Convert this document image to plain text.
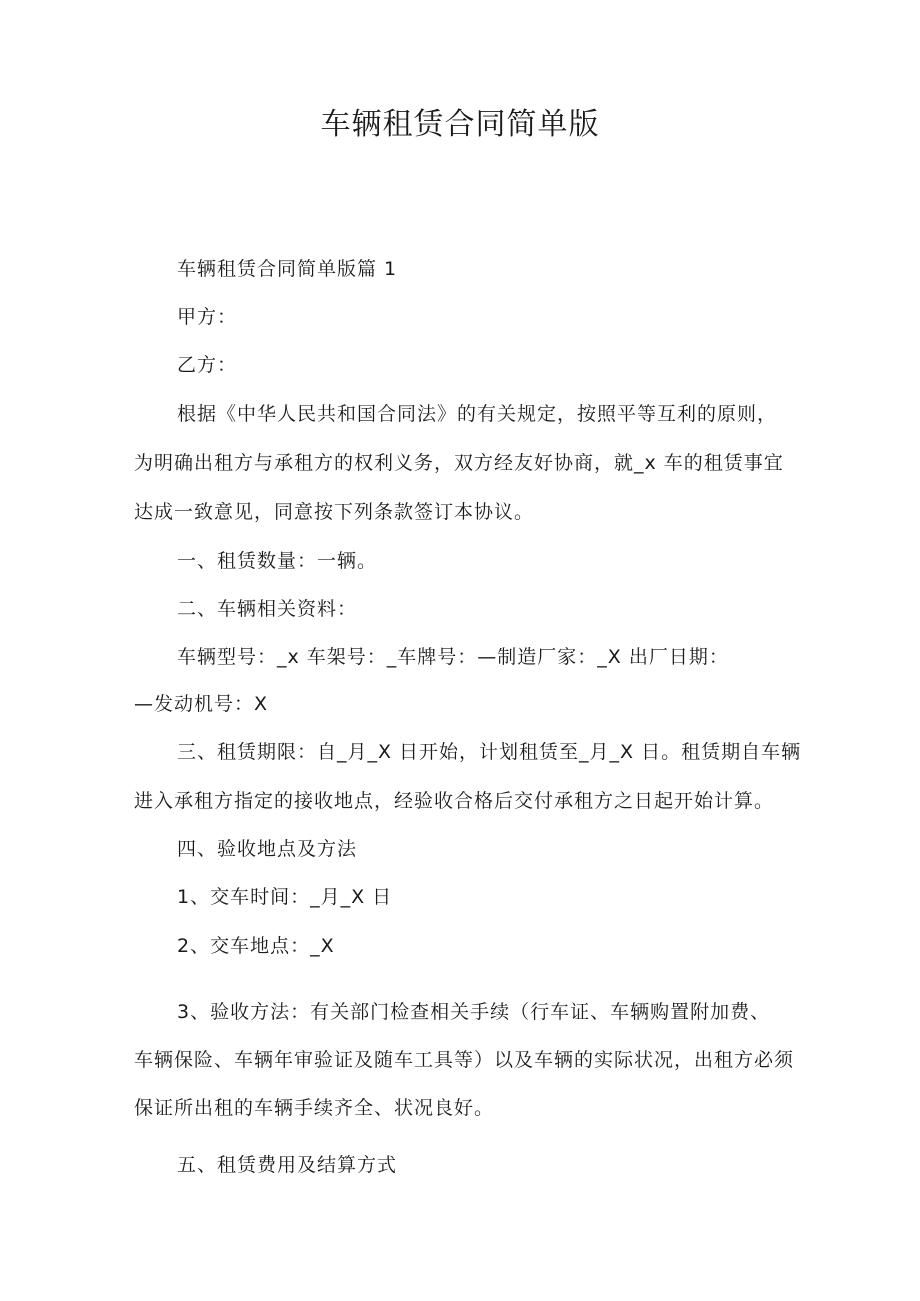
车辆租赁合同简单版
车辆租赁合同简单版篇 1
甲方：
乙方：
根据《中华人民共和国合同法》的有关规定，按照平等互利的原则，
为明确出租方与承租方的权利义务，双方经友好协商，就_x 车的租赁事宜
达成一致意见，同意按下列条款签订本协议。
一、租赁数量：一辆。
二、车辆相关资料：
车辆型号：_x 车架号：_车牌号：—制造厂家：_X 出厂日期：
—发动机号：X
三、租赁期限：自_月_X 日开始，计划租赁至_月_X 日。租赁期自车辆
进入承租方指定的接收地点，经验收合格后交付承租方之日起开始计算。
四、验收地点及方法
1、交车时间：_月_X 日
2、交车地点：_X
3、验收方法：有关部门检查相关手续（行车证、车辆购置附加费、
车辆保险、车辆年审验证及随车工具等）以及车辆的实际状况，出租方必须
保证所出租的车辆手续齐全、状况良好。
五、租赁费用及结算方式
